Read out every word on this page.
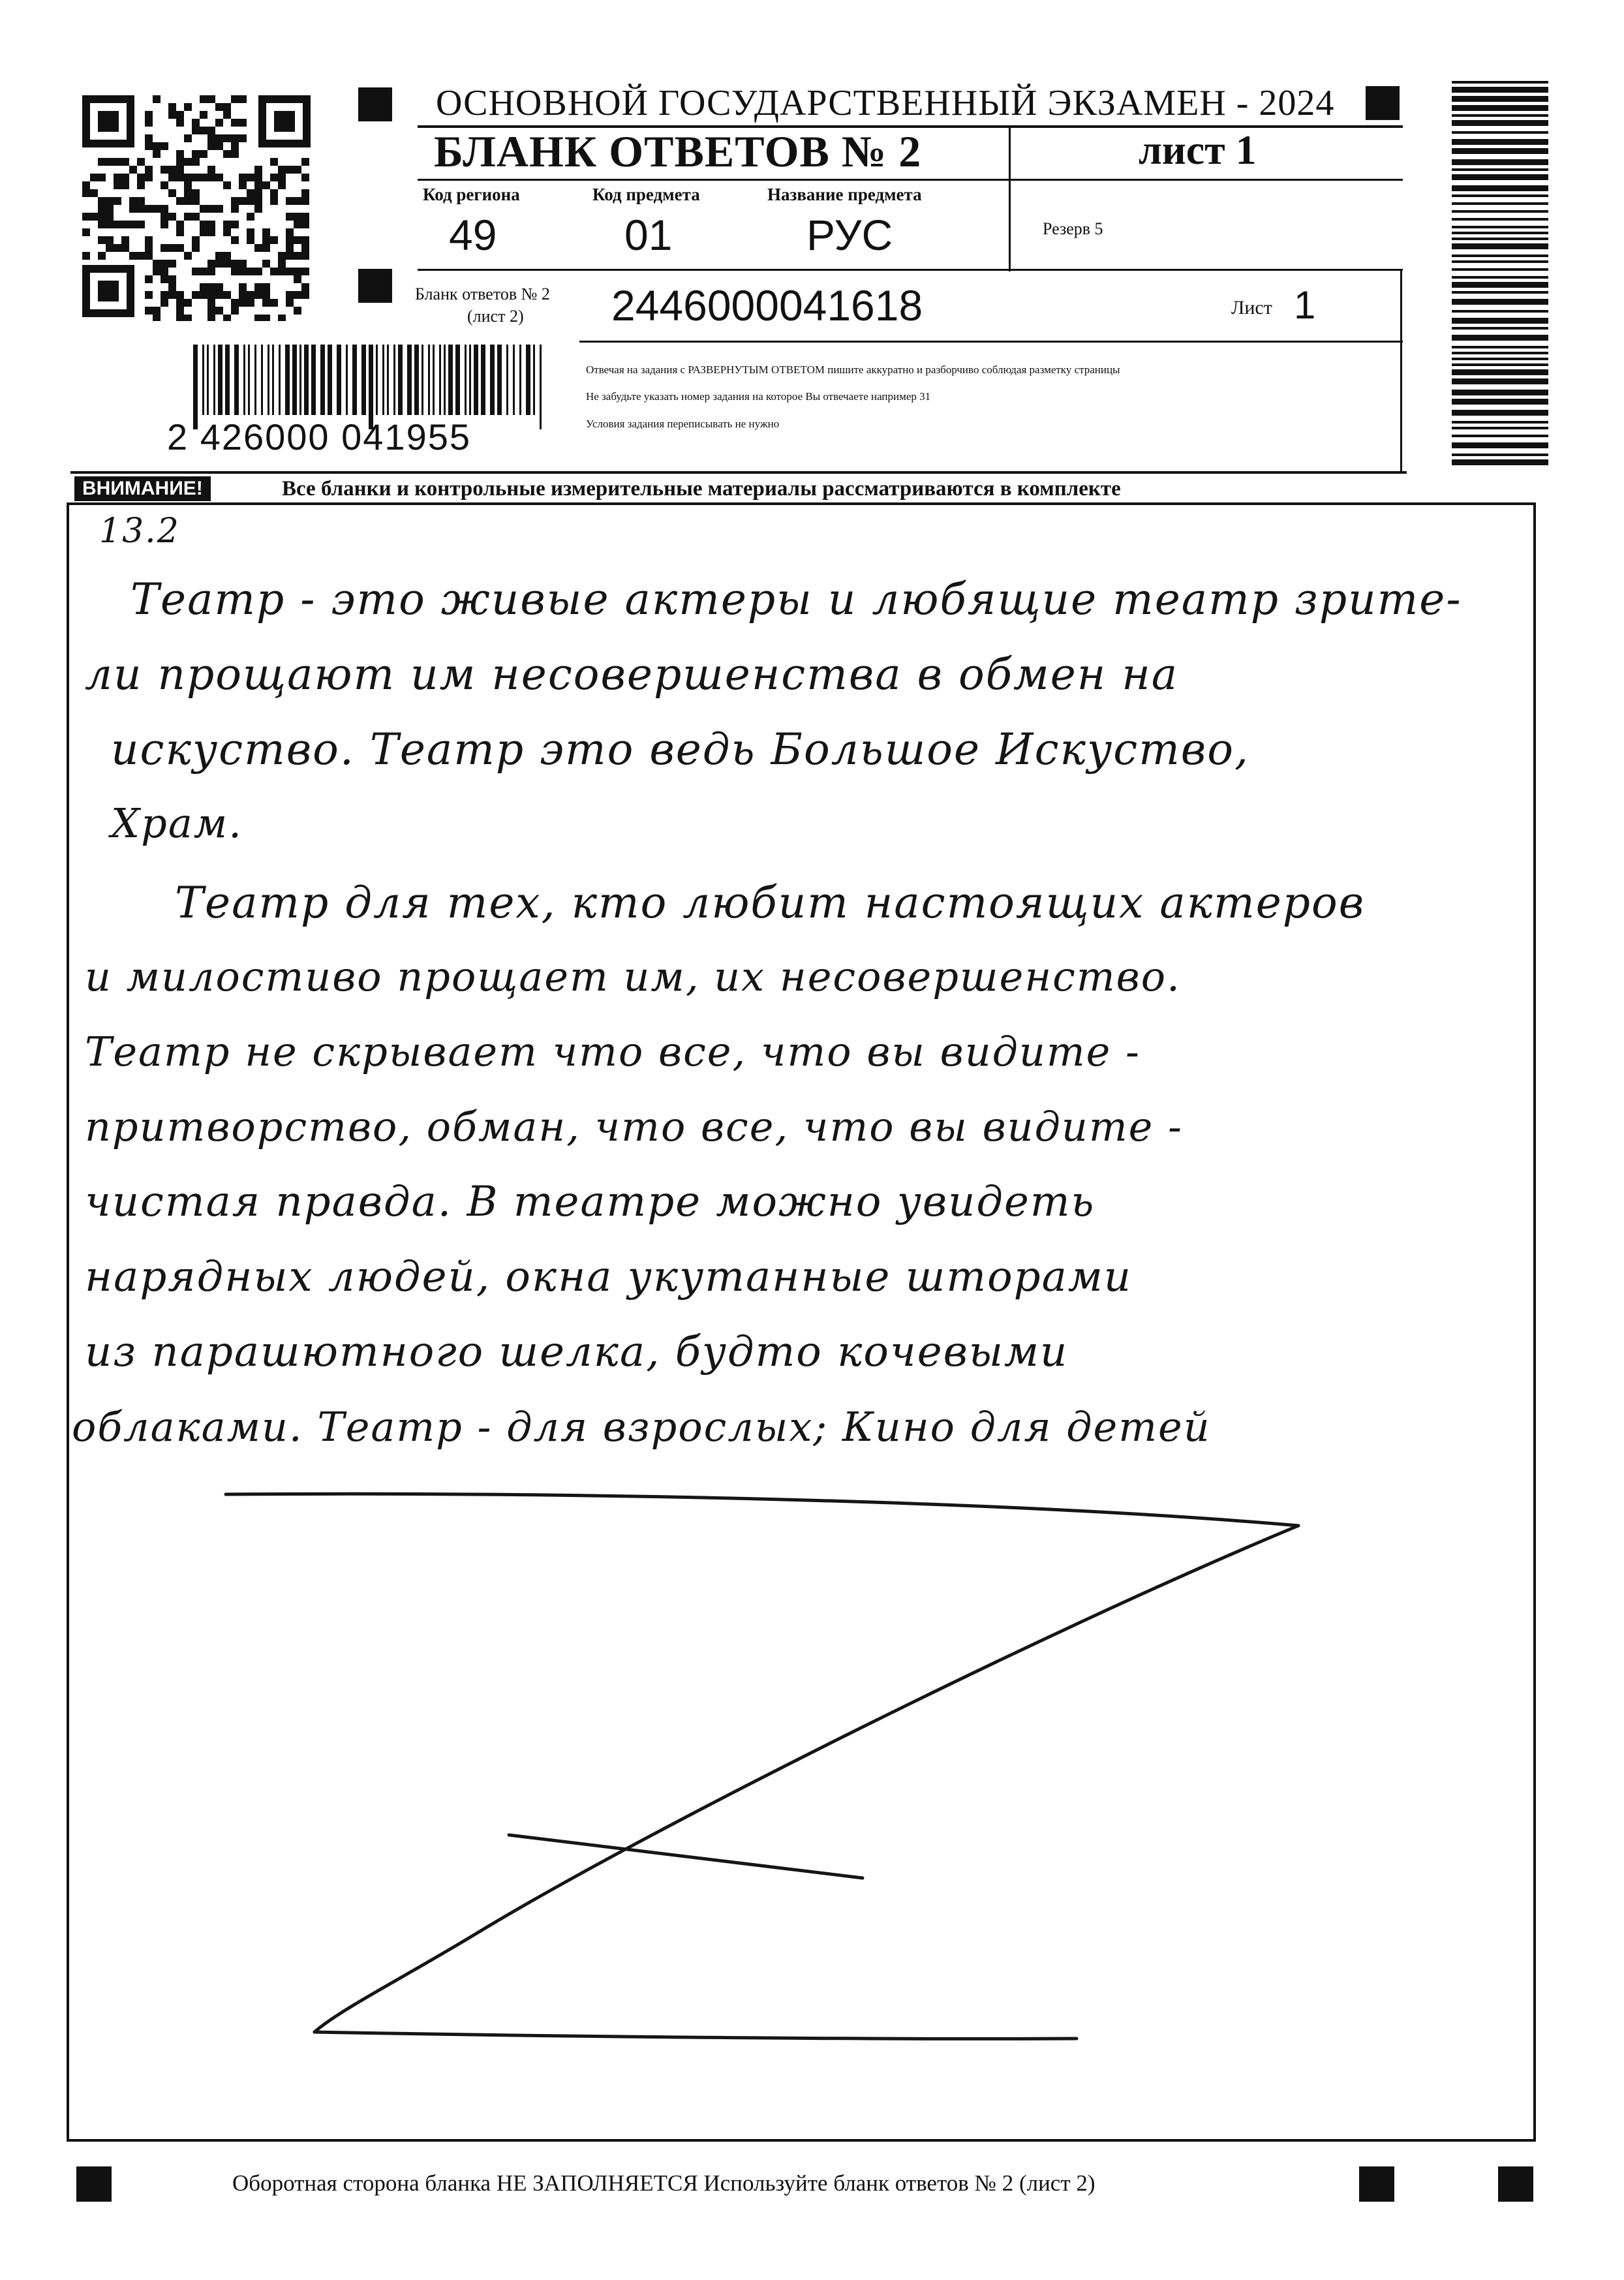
ОСНОВНОЙ ГОСУДАРСТВЕННЫЙ ЭКЗАМЕН - 2024
БЛАНК ОТВЕТОВ № 2	лист 1
Код региона	Код предмета	Название предмета
49	01	РУС	Резерв 5
Бланк ответов № 2
(лист 2) 2446000041618	Лист 1
Отвечая на задания с РАЗВЕРНУТЫМ ОТВЕТОМ пишите аккуратно и разборчиво соблюдая разметку страницы
Не забудьте указать номер задания на которое Вы отвечаете например 31
Условия задания переписывать не нужно
2 426000 041955
ВНИМАНИЕ!	Все бланки и контрольные измерительные материалы рассматриваются в комплекте
13.2
Театр - это живые актеры и любящие театр зрите-
ли прощают им несовершенства в обмен на
искуство. Театр это ведь Большое Искуство,
Храм.
Театр для тех, кто любит настоящих актеров
и милостиво прощает им, их несовершенство.
Театр не скрывает что все, что вы видите -
притворство, обман, что все, что вы видите -
чистая правда. В театре можно увидеть
нарядных людей, окна укутанные шторами
из парашютного шелка, будто кочевыми
облаками. Театр - для взрослых; Кино для детей
Оборотная сторона бланка НЕ ЗАПОЛНЯЕТСЯ Используйте бланк ответов № 2 (лист 2)
